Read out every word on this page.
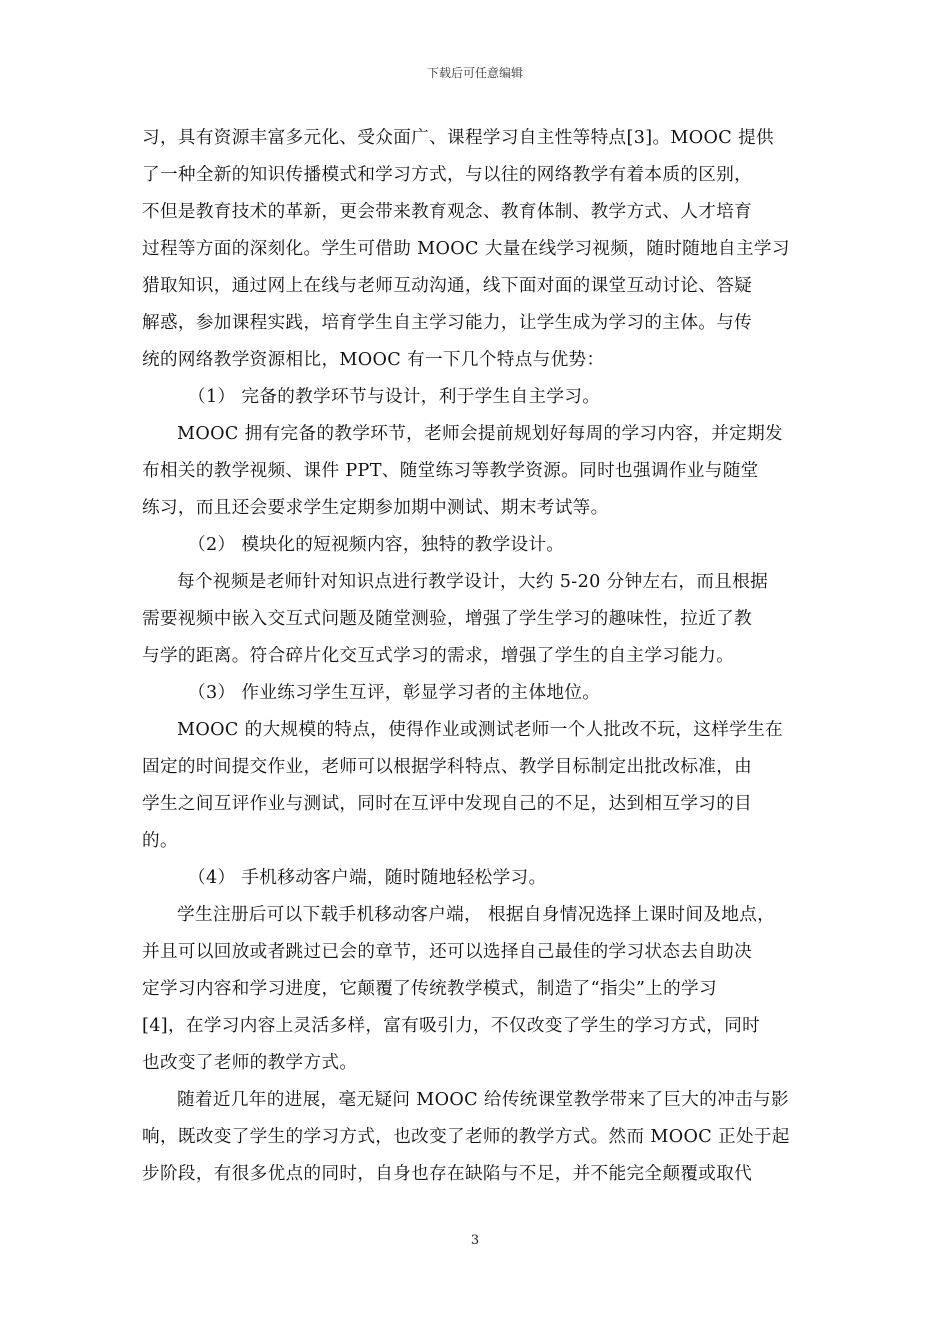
下载后可任意编辑
习，具有资源丰富多元化、受众面广、课程学习自主性等特点[3]。MOOC 提供
了一种全新的知识传播模式和学习方式，与以往的网络教学有着本质的区别，
不但是教育技术的革新，更会带来教育观念、教育体制、教学方式、人才培育
过程等方面的深刻化。学生可借助 MOOC 大量在线学习视频，随时随地自主学习
猎取知识，通过网上在线与老师互动沟通，线下面对面的课堂互动讨论、答疑
解惑，参加课程实践，培育学生自主学习能力，让学生成为学习的主体。与传
统的网络教学资源相比，MOOC 有一下几个特点与优势：
（1） 完备的教学环节与设计，利于学生自主学习。
MOOC 拥有完备的教学环节，老师会提前规划好每周的学习内容，并定期发
布相关的教学视频、课件 PPT、随堂练习等教学资源。同时也强调作业与随堂
练习，而且还会要求学生定期参加期中测试、期末考试等。
（2） 模块化的短视频内容，独特的教学设计。
每个视频是老师针对知识点进行教学设计，大约 5-20 分钟左右，而且根据
需要视频中嵌入交互式问题及随堂测验，增强了学生学习的趣味性，拉近了教
与学的距离。符合碎片化交互式学习的需求，增强了学生的自主学习能力。
（3） 作业练习学生互评，彰显学习者的主体地位。
MOOC 的大规模的特点，使得作业或测试老师一个人批改不玩，这样学生在
固定的时间提交作业，老师可以根据学科特点、教学目标制定出批改标准，由
学生之间互评作业与测试，同时在互评中发现自己的不足，达到相互学习的目
的。
（4） 手机移动客户端，随时随地轻松学习。
学生注册后可以下载手机移动客户端， 根据自身情况选择上课时间及地点，
并且可以回放或者跳过已会的章节，还可以选择自己最佳的学习状态去自助决
定学习内容和学习进度，它颠覆了传统教学模式，制造了“指尖”上的学习
[4]，在学习内容上灵活多样，富有吸引力，不仅改变了学生的学习方式，同时
也改变了老师的教学方式。
随着近几年的进展，毫无疑问 MOOC 给传统课堂教学带来了巨大的冲击与影
响，既改变了学生的学习方式，也改变了老师的教学方式。然而 MOOC 正处于起
步阶段，有很多优点的同时，自身也存在缺陷与不足，并不能完全颠覆或取代
3
